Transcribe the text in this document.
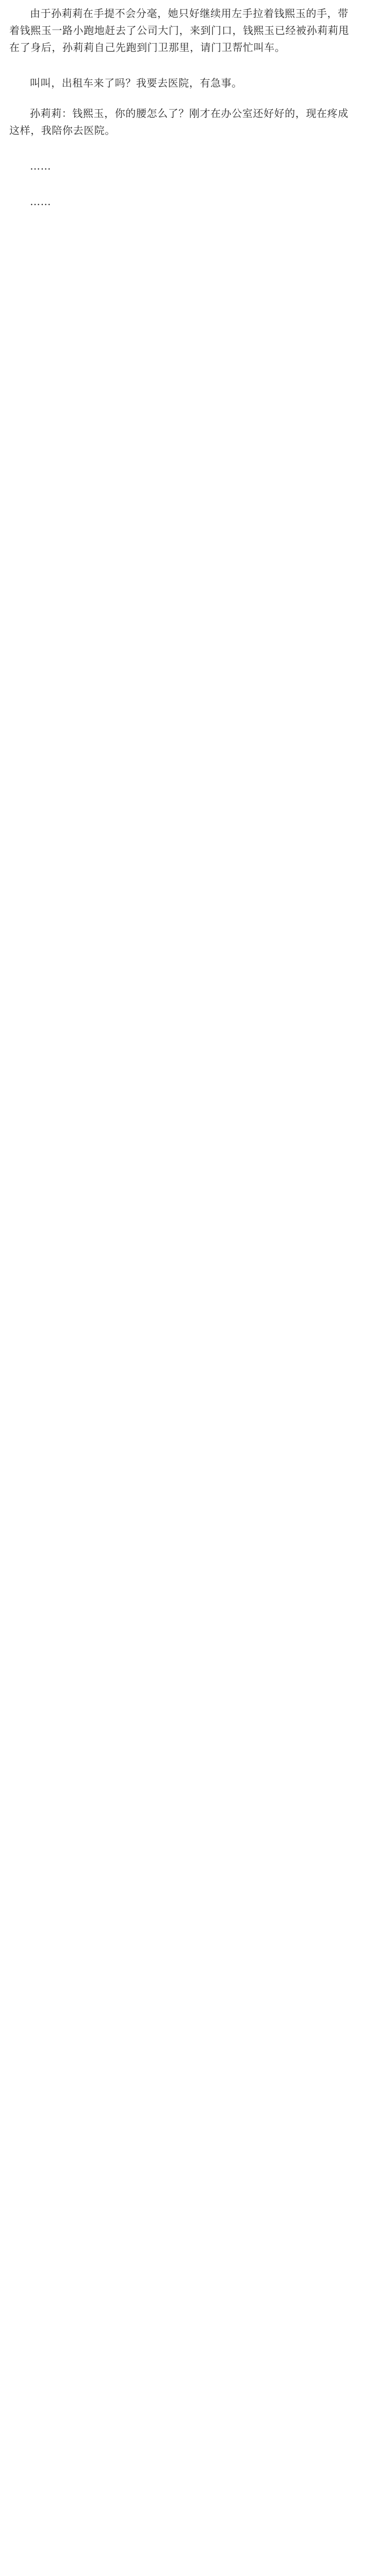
由于孙莉莉在手提不会分毫，她只好继续用左手拉着钱熙玉的手，带着钱熙玉一路小跑地赶去了公司大门，来到门口，钱熙玉已经被孙莉莉甩在了身后，孙莉莉自己先跑到门卫那里，请门卫帮忙叫车。

叫叫，出租车来了吗？我要去医院，有急事。

孙莉莉：钱熙玉，你的腰怎么了？刚才在办公室还好好的，现在疼成这样，我陪你去医院。

……

……
